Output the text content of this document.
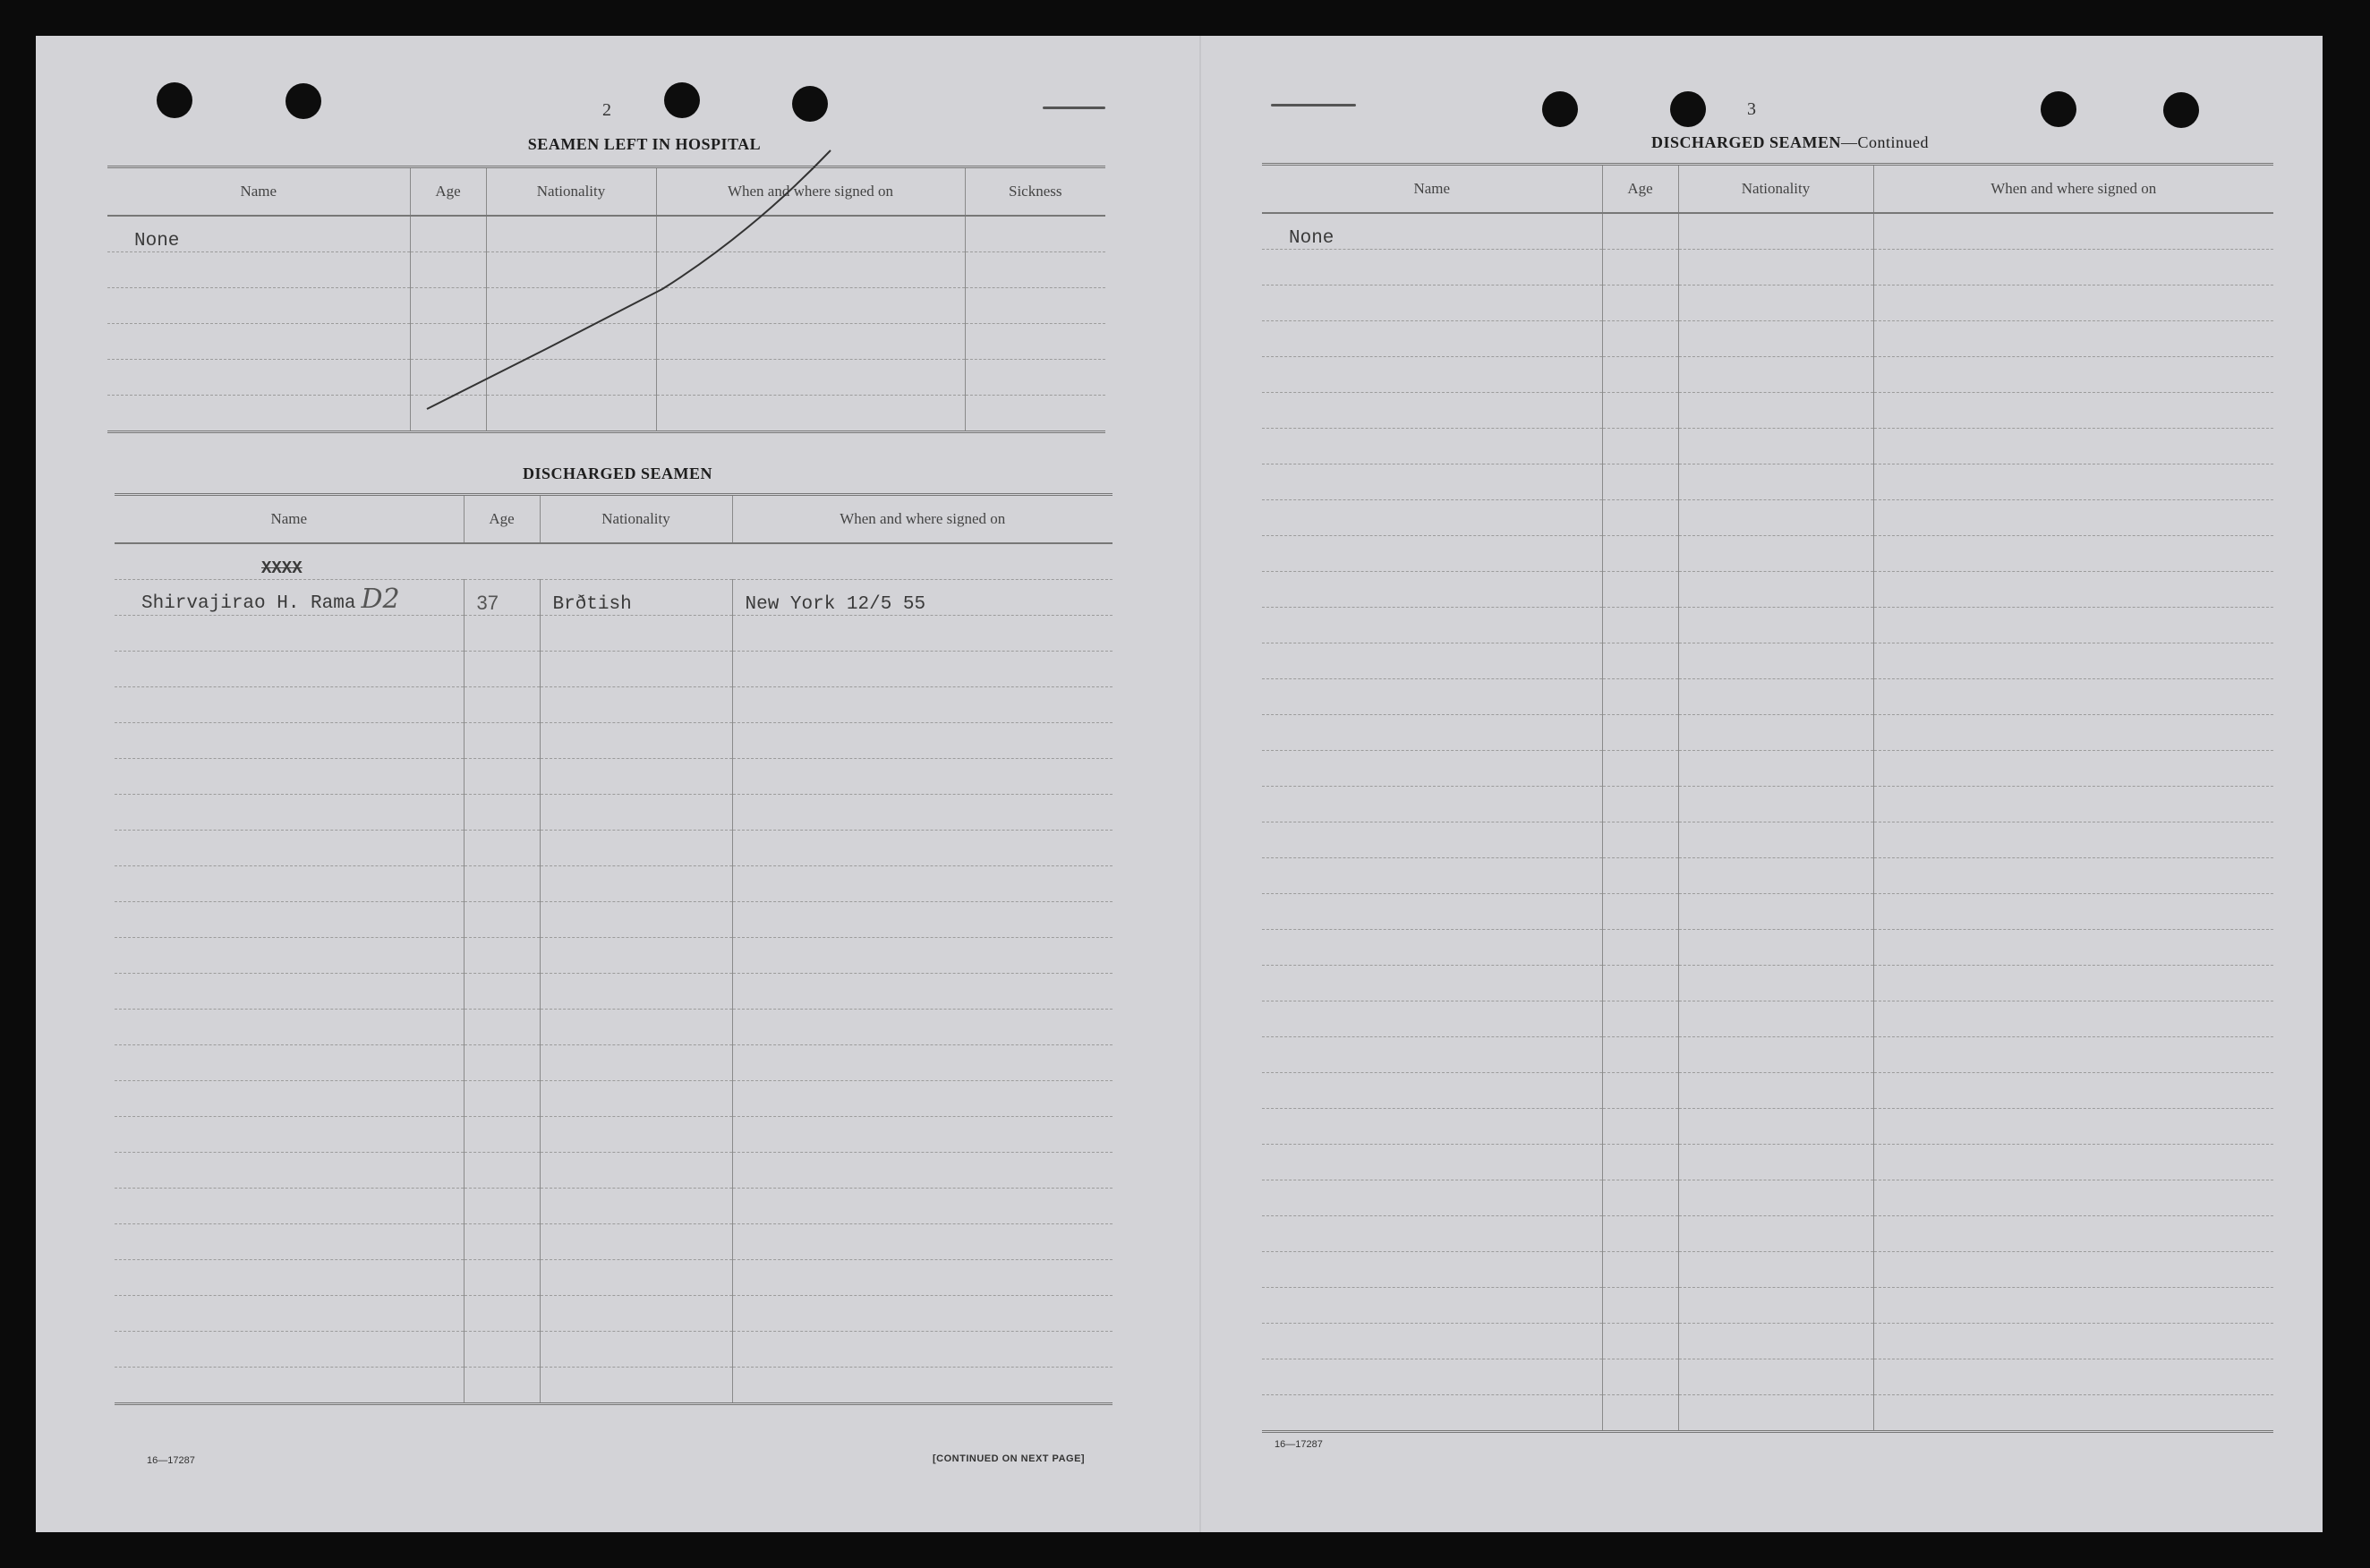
2
SEAMEN LEFT IN HOSPITAL
Name	Age	Nationality	When and where signed on	Sickness
None				

DISCHARGED SEAMEN
Name	Age	Nationality	When and where signed on
XXXX			
Shirvajirao H. Rama D2	37	Brðtish	New York 12/5 55

16—17287	[CONTINUED ON NEXT PAGE]
3
DISCHARGED SEAMEN—Continued
Name	Age	Nationality	When and where signed on
None			

16—17287
